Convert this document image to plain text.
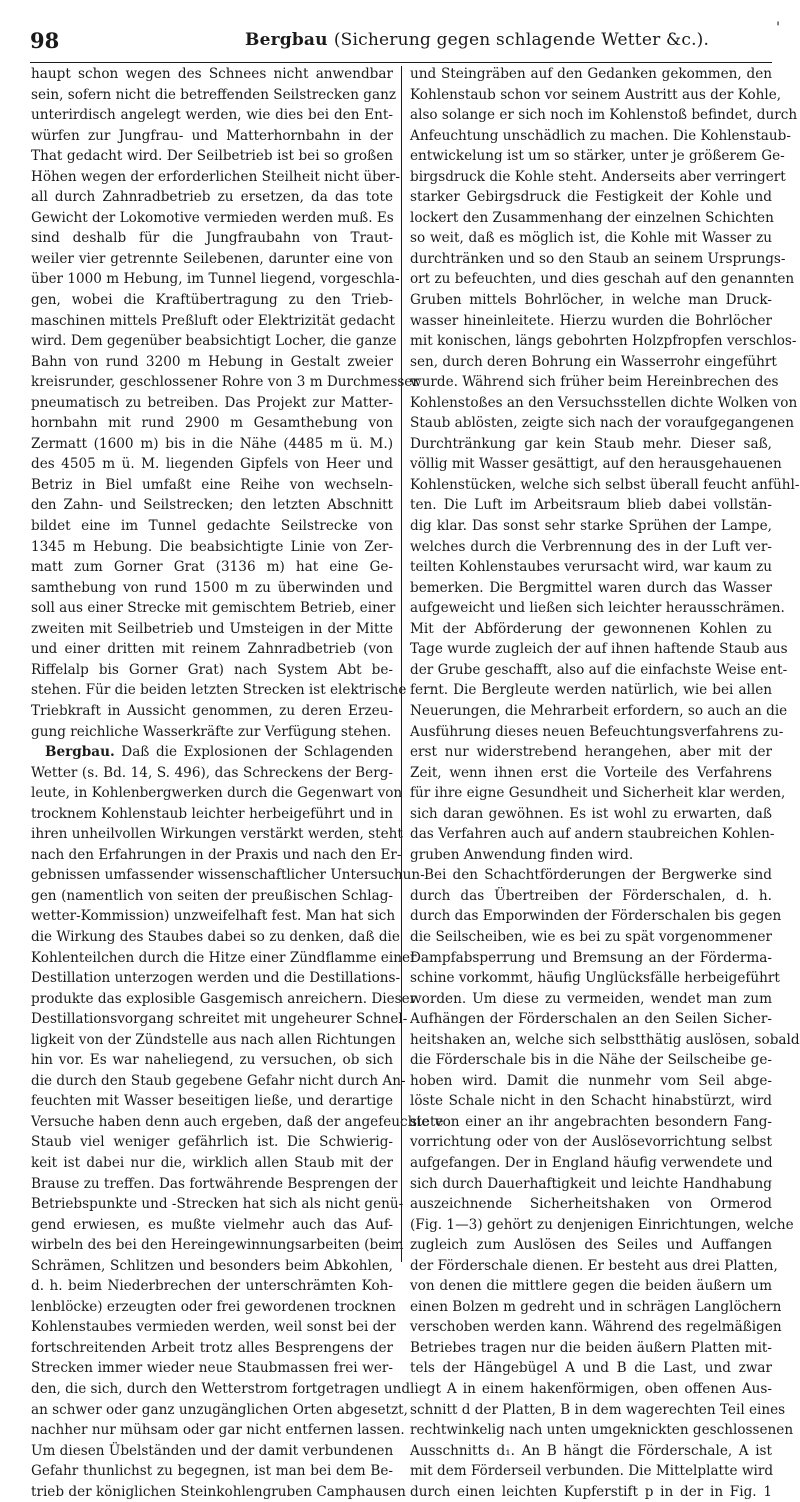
98	Bergbau (Sicherung gegen schlagende Wetter &c.).
'
haupt schon wegen des Schnees nicht anwendbar
sein, sofern nicht die betreffenden Seilstrecken ganz
unterirdisch angelegt werden, wie dies bei den Ent-
würfen zur Jungfrau- und Matterhornbahn in der
That gedacht wird. Der Seilbetrieb ist bei so großen
Höhen wegen der erforderlichen Steilheit nicht über-
all durch Zahnradbetrieb zu ersetzen, da das tote
Gewicht der Lokomotive vermieden werden muß. Es
sind deshalb für die Jungfraubahn von Traut-
weiler vier getrennte Seilebenen, darunter eine von
über 1000 m Hebung, im Tunnel liegend, vorgeschla-
gen, wobei die Kraftübertragung zu den Trieb-
maschinen mittels Preßluft oder Elektrizität gedacht
wird. Dem gegenüber beabsichtigt Locher, die ganze
Bahn von rund 3200 m Hebung in Gestalt zweier
kreisrunder, geschlossener Rohre von 3 m Durchmesser
pneumatisch zu betreiben. Das Projekt zur Matter-
hornbahn mit rund 2900 m Gesamthebung von
Zermatt (1600 m) bis in die Nähe (4485 m ü. M.)
des 4505 m ü. M. liegenden Gipfels von Heer und
Betriz in Biel umfaßt eine Reihe von wechseln-
den Zahn- und Seilstrecken; den letzten Abschnitt
bildet eine im Tunnel gedachte Seilstrecke von
1345 m Hebung. Die beabsichtigte Linie von Zer-
matt zum Gorner Grat (3136 m) hat eine Ge-
samthebung von rund 1500 m zu überwinden und
soll aus einer Strecke mit gemischtem Betrieb, einer
zweiten mit Seilbetrieb und Umsteigen in der Mitte
und einer dritten mit reinem Zahnradbetrieb (von
Riffelalp bis Gorner Grat) nach System Abt be-
stehen. Für die beiden letzten Strecken ist elektrische
Triebkraft in Aussicht genommen, zu deren Erzeu-
gung reichliche Wasserkräfte zur Verfügung stehen.
Bergbau. Daß die Explosionen der Schlagenden
Wetter (s. Bd. 14, S. 496), das Schreckens der Berg-
leute, in Kohlenbergwerken durch die Gegenwart von
trocknem Kohlenstaub leichter herbeigeführt und in
ihren unheilvollen Wirkungen verstärkt werden, steht
nach den Erfahrungen in der Praxis und nach den Er-
gebnissen umfassender wissenschaftlicher Untersuchun-
gen (namentlich von seiten der preußischen Schlag-
wetter-Kommission) unzweifelhaft fest. Man hat sich
die Wirkung des Staubes dabei so zu denken, daß die
Kohlenteilchen durch die Hitze einer Zündflamme einer
Destillation unterzogen werden und die Destillations-
produkte das explosible Gasgemisch anreichern. Dieser
Destillationsvorgang schreitet mit ungeheurer Schnel-
ligkeit von der Zündstelle aus nach allen Richtungen
hin vor. Es war naheliegend, zu versuchen, ob sich
die durch den Staub gegebene Gefahr nicht durch An-
feuchten mit Wasser beseitigen ließe, und derartige
Versuche haben denn auch ergeben, daß der angefeuchtete
Staub viel weniger gefährlich ist. Die Schwierig-
keit ist dabei nur die, wirklich allen Staub mit der
Brause zu treffen. Das fortwährende Besprengen der
Betriebspunkte und -Strecken hat sich als nicht genü-
gend erwiesen, es mußte vielmehr auch das Auf-
wirbeln des bei den Hereingewinnungsarbeiten (beim
Schrämen, Schlitzen und besonders beim Abkohlen,
d. h. beim Niederbrechen der unterschrämten Koh-
lenblöcke) erzeugten oder frei gewordenen trocknen
Kohlenstaubes vermieden werden, weil sonst bei der
fortschreitenden Arbeit trotz alles Besprengens der
Strecken immer wieder neue Staubmassen frei wer-
den, die sich, durch den Wetterstrom fortgetragen und
an schwer oder ganz unzugänglichen Orten abgesetzt,
nachher nur mühsam oder gar nicht entfernen lassen.
Um diesen Übelständen und der damit verbundenen
Gefahr thunlichst zu begegnen, ist man bei dem Be-
trieb der königlichen Steinkohlengruben Camphausen
und Steingräben auf den Gedanken gekommen, den
Kohlenstaub schon vor seinem Austritt aus der Kohle,
also solange er sich noch im Kohlenstoß befindet, durch
Anfeuchtung unschädlich zu machen. Die Kohlenstaub-
entwickelung ist um so stärker, unter je größerem Ge-
birgsdruck die Kohle steht. Anderseits aber verringert
starker Gebirgsdruck die Festigkeit der Kohle und
lockert den Zusammenhang der einzelnen Schichten
so weit, daß es möglich ist, die Kohle mit Wasser zu
durchtränken und so den Staub an seinem Ursprungs-
ort zu befeuchten, und dies geschah auf den genannten
Gruben mittels Bohrlöcher, in welche man Druck-
wasser hineinleitete. Hierzu wurden die Bohrlöcher
mit konischen, längs gebohrten Holzpfropfen verschlos-
sen, durch deren Bohrung ein Wasserrohr eingeführt
wurde. Während sich früher beim Hereinbrechen des
Kohlenstoßes an den Versuchsstellen dichte Wolken von
Staub ablösten, zeigte sich nach der voraufgegangenen
Durchtränkung gar kein Staub mehr. Dieser saß,
völlig mit Wasser gesättigt, auf den herausgehauenen
Kohlenstücken, welche sich selbst überall feucht anfühl-
ten. Die Luft im Arbeitsraum blieb dabei vollstän-
dig klar. Das sonst sehr starke Sprühen der Lampe,
welches durch die Verbrennung des in der Luft ver-
teilten Kohlenstaubes verursacht wird, war kaum zu
bemerken. Die Bergmittel waren durch das Wasser
aufgeweicht und ließen sich leichter herausschrämen.
Mit der Abförderung der gewonnenen Kohlen zu
Tage wurde zugleich der auf ihnen haftende Staub aus
der Grube geschafft, also auf die einfachste Weise ent-
fernt. Die Bergleute werden natürlich, wie bei allen
Neuerungen, die Mehrarbeit erfordern, so auch an die
Ausführung dieses neuen Befeuchtungsverfahrens zu-
erst nur widerstrebend herangehen, aber mit der
Zeit, wenn ihnen erst die Vorteile des Verfahrens
für ihre eigne Gesundheit und Sicherheit klar werden,
sich daran gewöhnen. Es ist wohl zu erwarten, daß
das Verfahren auch auf andern staubreichen Kohlen-
gruben Anwendung finden wird.
Bei den Schachtförderungen der Bergwerke sind
durch das Übertreiben der Förderschalen, d. h.
durch das Emporwinden der Förderschalen bis gegen
die Seilscheiben, wie es bei zu spät vorgenommener
Dampfabsperrung und Bremsung an der Förderma-
schine vorkommt, häufig Unglücksfälle herbeigeführt
worden. Um diese zu vermeiden, wendet man zum
Aufhängen der Förderschalen an den Seilen Sicher-
heitshaken an, welche sich selbstthätig auslösen, sobald
die Förderschale bis in die Nähe der Seilscheibe ge-
hoben wird. Damit die nunmehr vom Seil abge-
löste Schale nicht in den Schacht hinabstürzt, wird
sie von einer an ihr angebrachten besondern Fang-
vorrichtung oder von der Auslösevorrichtung selbst
aufgefangen. Der in England häufig verwendete und
sich durch Dauerhaftigkeit und leichte Handhabung
auszeichnende Sicherheitshaken von Ormerod
(Fig. 1—3) gehört zu denjenigen Einrichtungen, welche
zugleich zum Auslösen des Seiles und Auffangen
der Förderschale dienen. Er besteht aus drei Platten,
von denen die mittlere gegen die beiden äußern um
einen Bolzen m gedreht und in schrägen Langlöchern
verschoben werden kann. Während des regelmäßigen
Betriebes tragen nur die beiden äußern Platten mit-
tels der Hängebügel A und B die Last, und zwar
liegt A in einem hakenförmigen, oben offenen Aus-
schnitt d der Platten, B in dem wagerechten Teil eines
rechtwinkelig nach unten umgeknickten geschlossenen
Ausschnitts d₁. An B hängt die Förderschale, A ist
mit dem Förderseil verbunden. Die Mittelplatte wird
durch einen leichten Kupferstift p in der in Fig. 1
